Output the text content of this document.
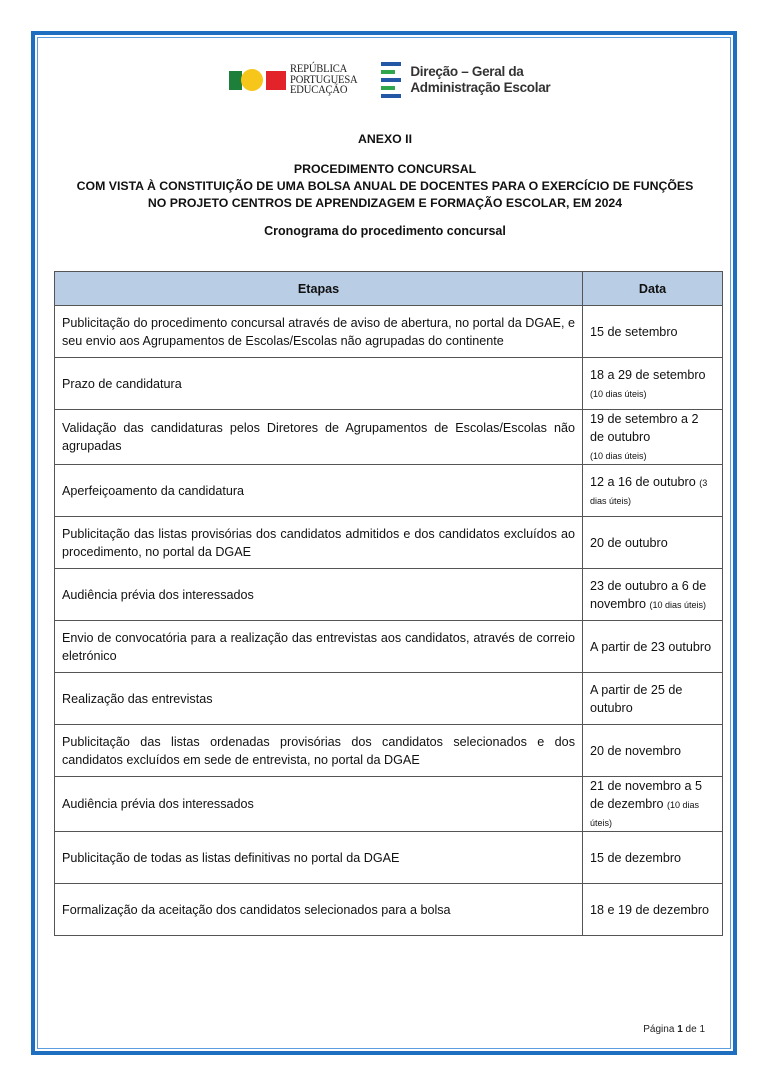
REPÚBLICA
PORTUGUESA
EDUCAÇÃO
Direção – Geral da
Administração Escolar
ANEXO II
PROCEDIMENTO CONCURSAL
COM VISTA À CONSTITUIÇÃO DE UMA BOLSA ANUAL DE DOCENTES PARA O EXERCÍCIO DE FUNÇÕES
NO PROJETO CENTROS DE APRENDIZAGEM E FORMAÇÃO ESCOLAR, EM 2024
Cronograma do procedimento concursal
Etapas	Data
Publicitação do procedimento concursal através de aviso de abertura, no portal da DGAE, e seu envio aos Agrupamentos de Escolas/Escolas não agrupadas do continente	15 de setembro
Prazo de candidatura	18 a 29 de setembro
(10 dias úteis)
Validação das candidaturas pelos Diretores de Agrupamentos de Escolas/Escolas não agrupadas	19 de setembro a 2 de outubro
(10 dias úteis)
Aperfeiçoamento da candidatura	12 a 16 de outubro (3 dias úteis)
Publicitação das listas provisórias dos candidatos admitidos e dos candidatos excluídos ao procedimento, no portal da DGAE	20 de outubro
Audiência prévia dos interessados	23 de outubro a 6 de novembro (10 dias úteis)
Envio de convocatória para a realização das entrevistas aos candidatos, através de correio eletrónico	A partir de 23 outubro
Realização das entrevistas	A partir de 25 de outubro
Publicitação das listas ordenadas provisórias dos candidatos selecionados e dos candidatos excluídos em sede de entrevista, no portal da DGAE	20 de novembro
Audiência prévia dos interessados	21 de novembro a 5 de dezembro (10 dias úteis)
Publicitação de todas as listas definitivas no portal da DGAE	15 de dezembro
Formalização da aceitação dos candidatos selecionados para a bolsa	18 e 19 de dezembro
Página 1 de 1
